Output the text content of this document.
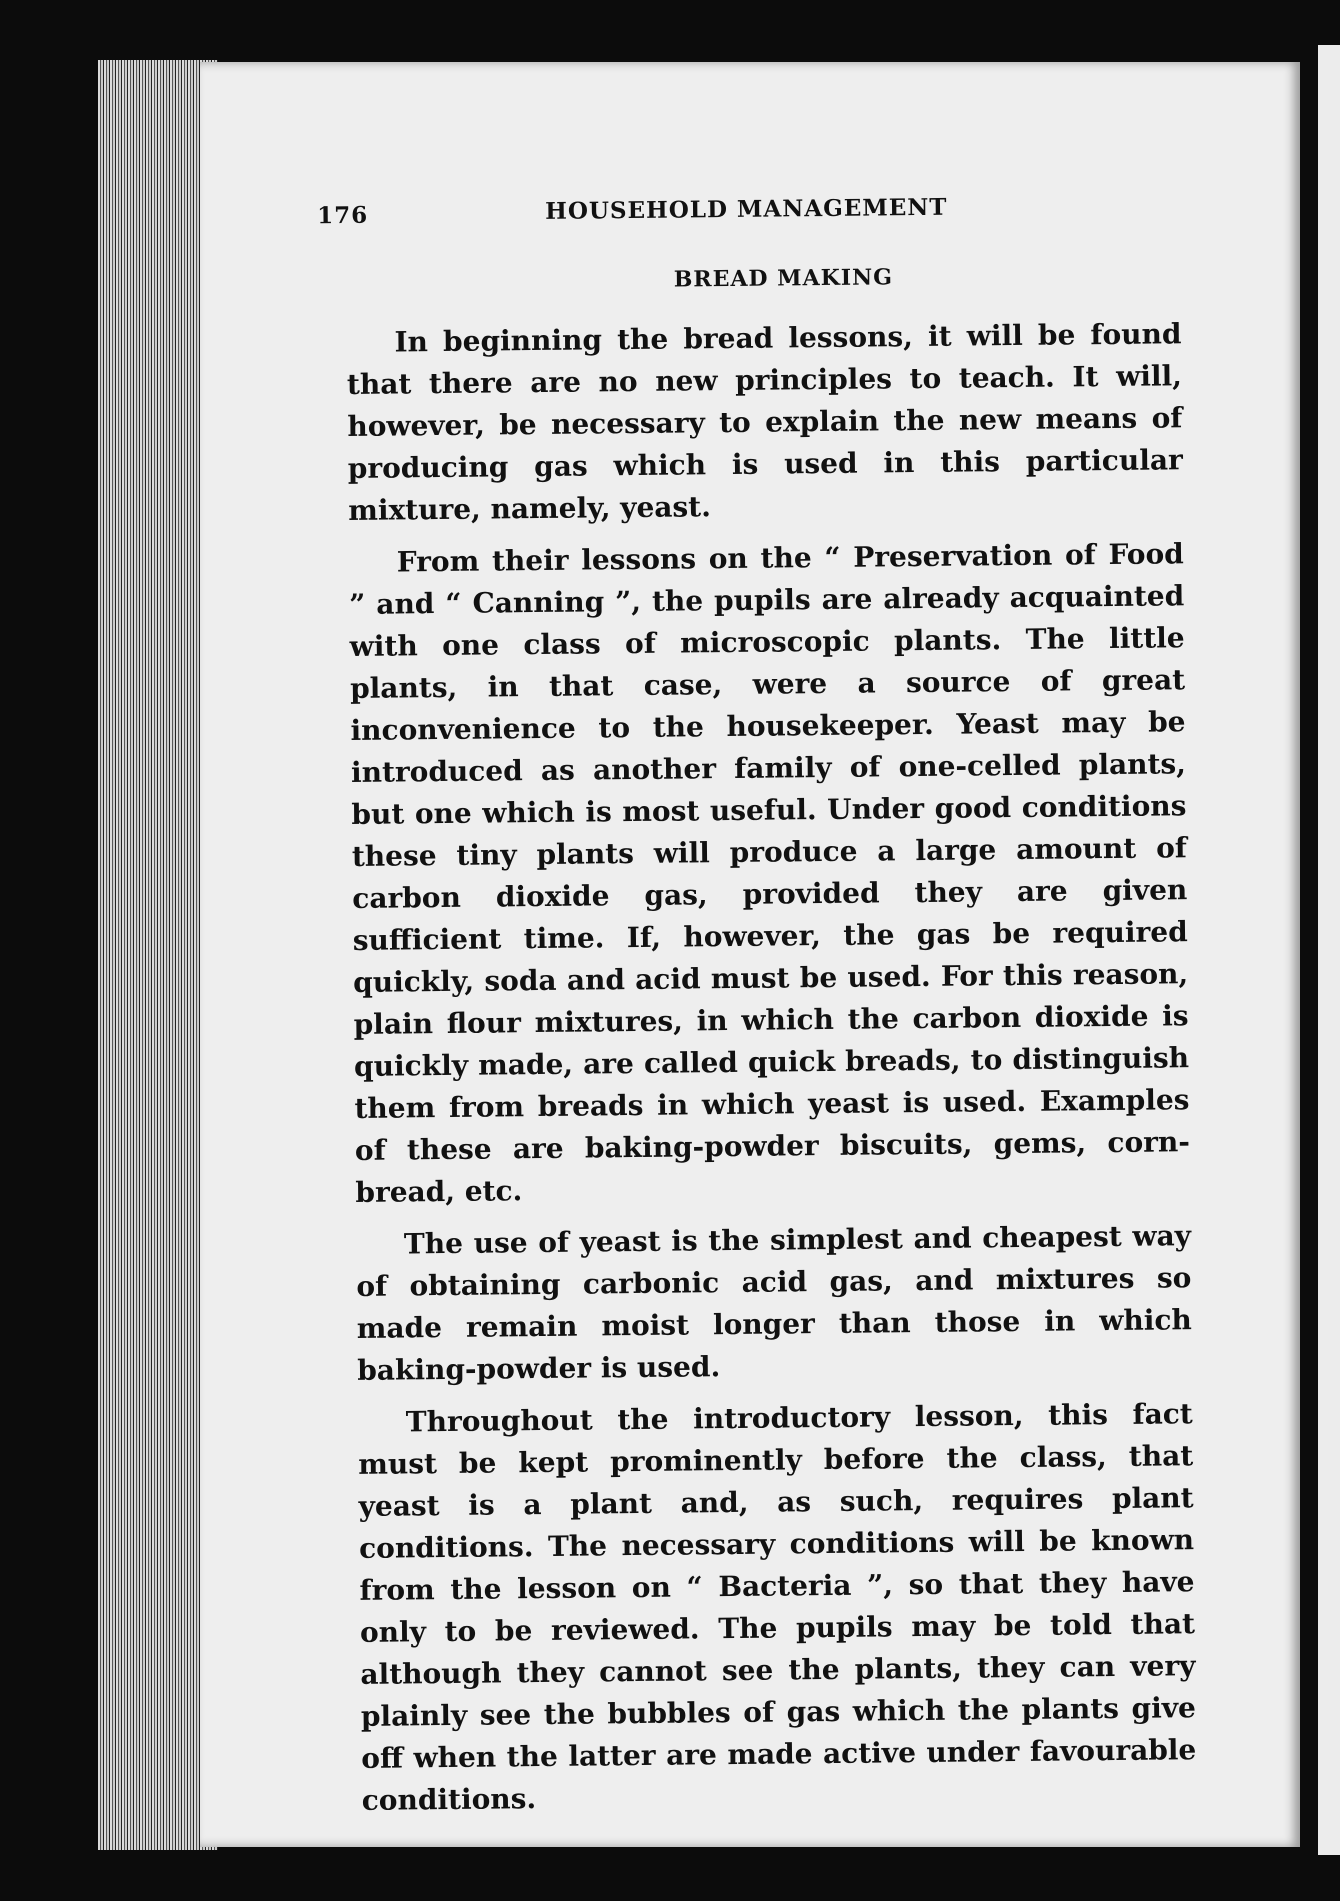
176	HOUSEHOLD MANAGEMENT
BREAD MAKING

In beginning the bread lessons, it will be found that there are no new principles to teach. It will, however, be necessary to explain the new means of producing gas which is used in this particular mixture, namely, yeast.

From their lessons on the “ Preservation of Food ” and “ Canning ”, the pupils are already acquainted with one class of microscopic plants. The little plants, in that case, were a source of great inconvenience to the housekeeper. Yeast may be introduced as another family of one-celled plants, but one which is most useful. Under good conditions these tiny plants will produce a large amount of carbon dioxide gas, provided they are given sufficient time. If, however, the gas be required quickly, soda and acid must be used. For this reason, plain flour mixtures, in which the carbon dioxide is quickly made, are called quick breads, to distinguish them from breads in which yeast is used. Examples of these are baking-powder biscuits, gems, corn-bread, etc.

The use of yeast is the simplest and cheapest way of obtaining carbonic acid gas, and mixtures so made remain moist longer than those in which baking-powder is used.

Throughout the introductory lesson, this fact must be kept prominently before the class, that yeast is a plant and, as such, requires plant conditions. The necessary conditions will be known from the lesson on “ Bacteria ”, so that they have only to be reviewed. The pupils may be told that although they cannot see the plants, they can very plainly see the bubbles of gas which the plants give off when the latter are made active under favourable conditions.
